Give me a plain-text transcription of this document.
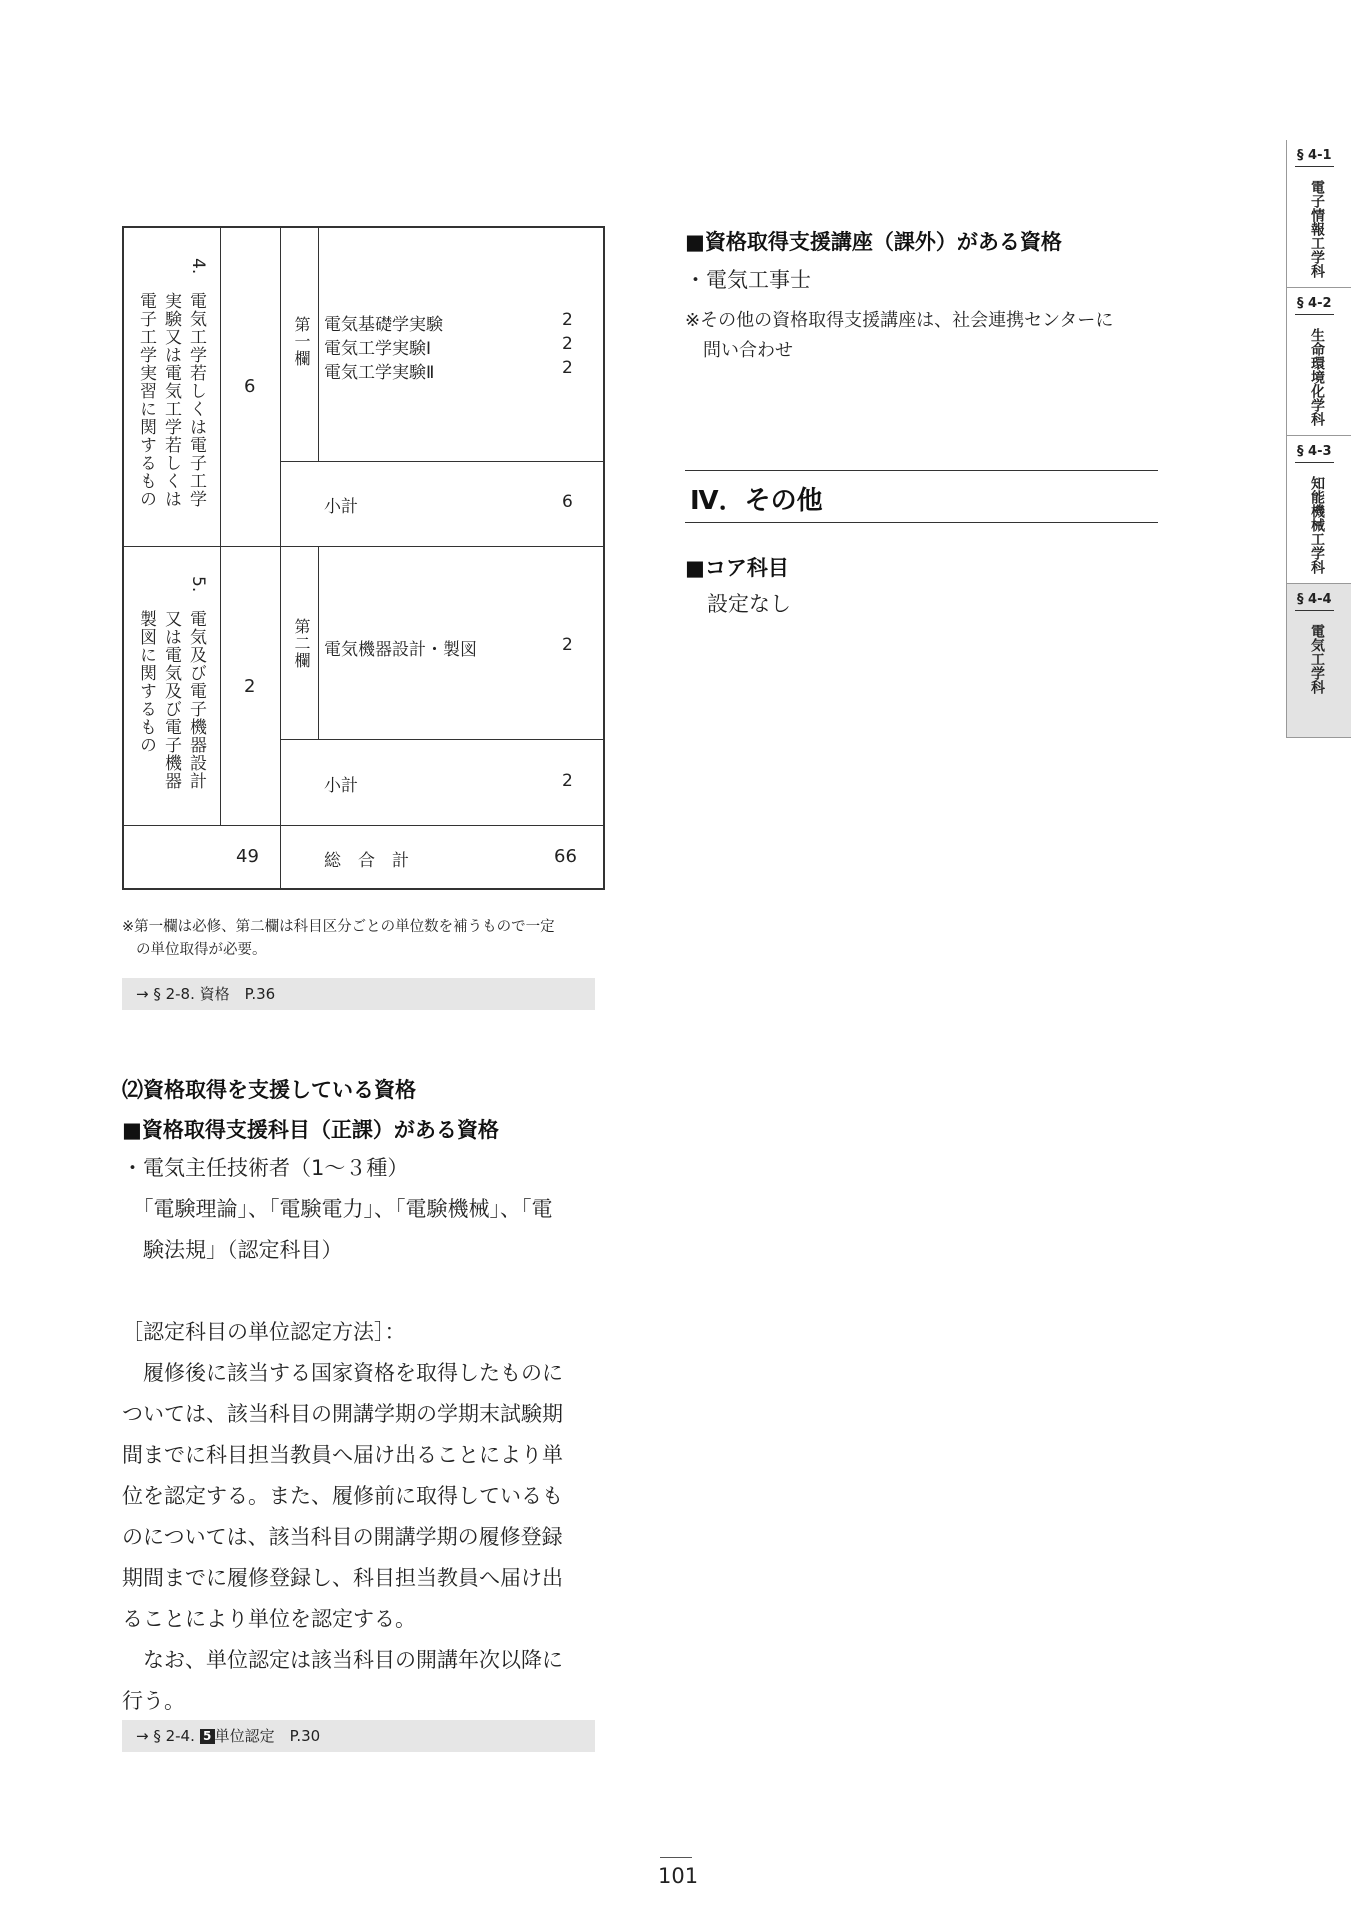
4.
電気工学若しくは電子工学
実験又は電気工学若しくは
電子工学実習に関するもの	6
第一欄 電気基礎学実験	2
電気工学実験Ⅰ	2
電気工学実験Ⅱ	2
小計	6
5.
電気及び電子機器設計
又は電気及び電子機器
製図に関するもの	2
第二欄 電気機器設計・製図	2
小計	2
49	総　合　計	66
※第一欄は必修、第二欄は科目区分ごとの単位数を補うもので一定
の単位取得が必要。
→ § 2-8. 資格　P.36
⑵資格取得を支援している資格
■資格取得支援科目（正課）がある資格
・電気主任技術者（1～３種）
　「電験理論」、「電験電力」、「電験機械」、「電
　験法規」（認定科目）
［認定科目の単位認定方法］：
　履修後に該当する国家資格を取得したものに
ついては、該当科目の開講学期の学期末試験期
間までに科目担当教員へ届け出ることにより単
位を認定する。また、履修前に取得しているも
のについては、該当科目の開講学期の履修登録
期間までに履修登録し、科目担当教員へ届け出
ることにより単位を認定する。
　なお、単位認定は該当科目の開講年次以降に
行う。
→ § 2-4. 5 単位認定　P.30
■資格取得支援講座（課外）がある資格
・電気工事士
※その他の資格取得支援講座は、社会連携センターに
　問い合わせ
Ⅳ．その他
■コア科目
設定なし
101
§ 4-1
電子情報工学科
§ 4-2
生命環境化学科
§ 4-3
知能機械工学科
§ 4-4
電気工学科
